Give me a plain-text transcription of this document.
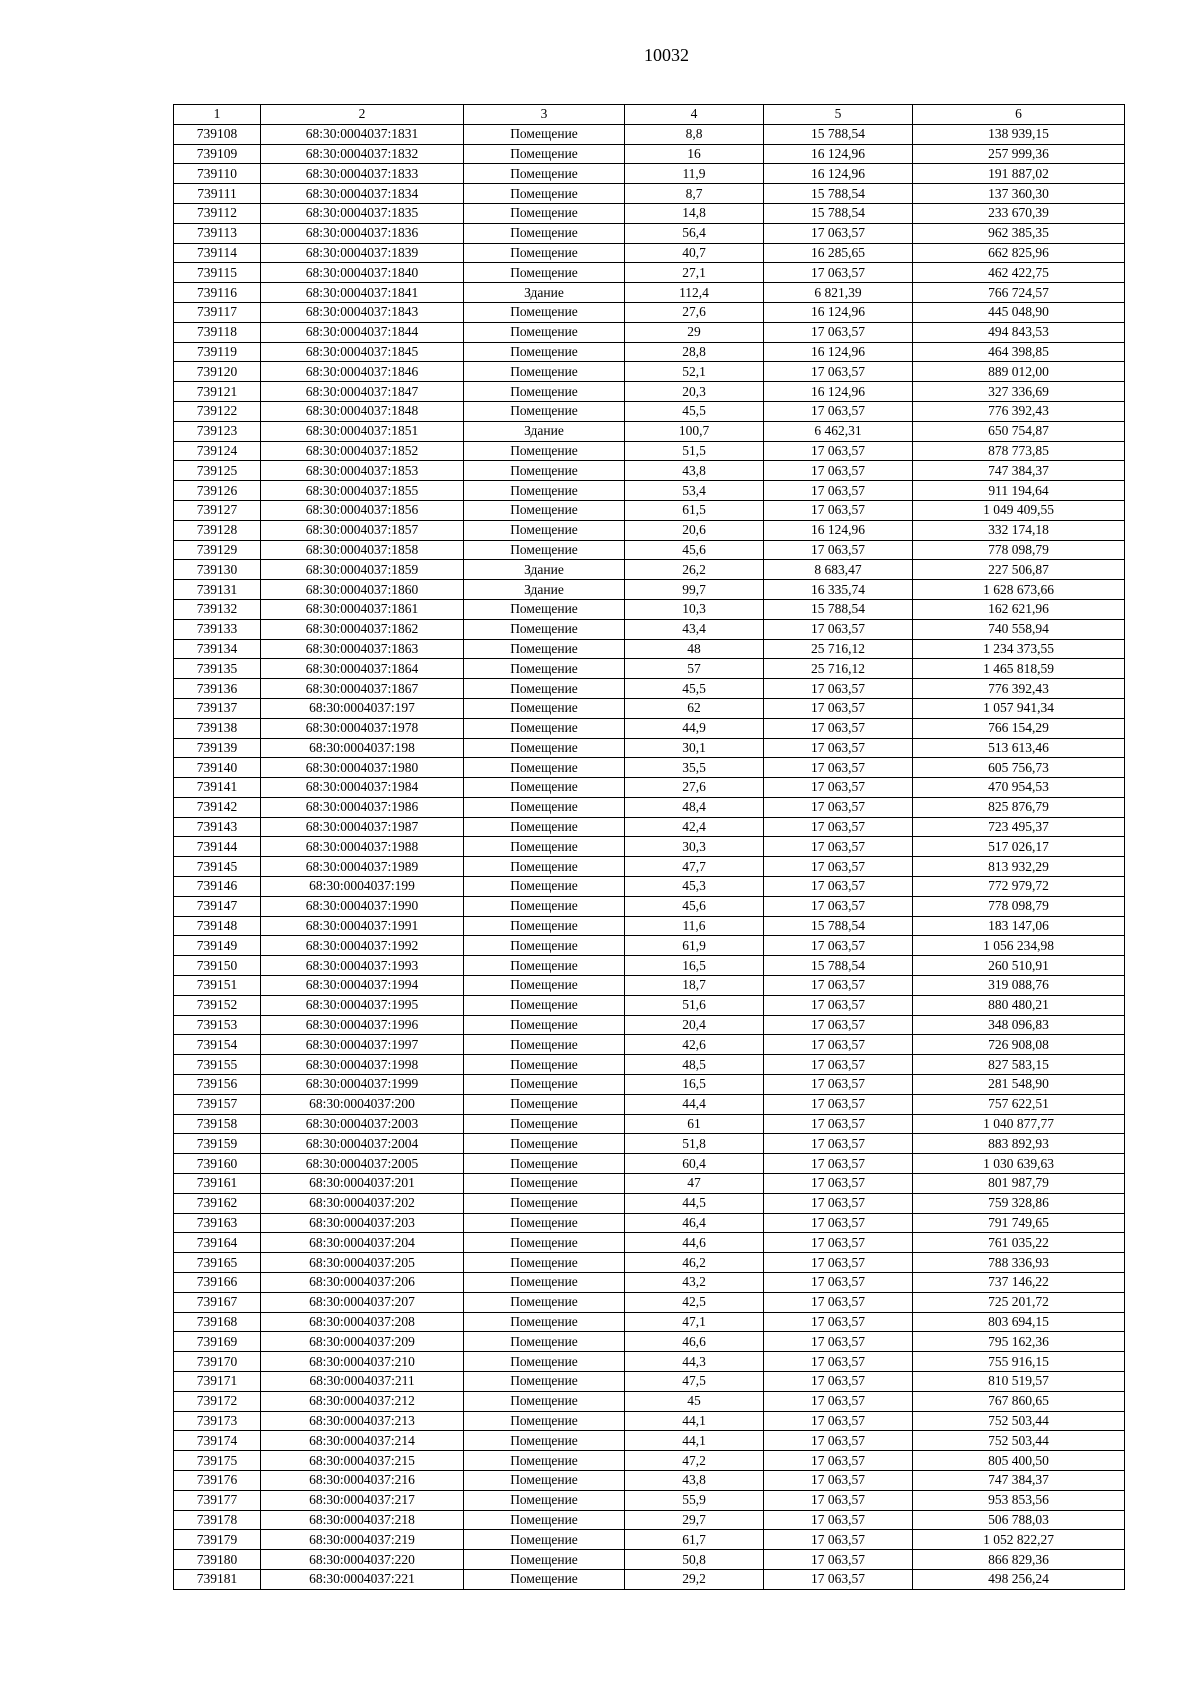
10032
1	2	3	4	5	6
739108	68:30:0004037:1831	Помещение	8,8	15 788,54	138 939,15
739109	68:30:0004037:1832	Помещение	16	16 124,96	257 999,36
739110	68:30:0004037:1833	Помещение	11,9	16 124,96	191 887,02
739111	68:30:0004037:1834	Помещение	8,7	15 788,54	137 360,30
739112	68:30:0004037:1835	Помещение	14,8	15 788,54	233 670,39
739113	68:30:0004037:1836	Помещение	56,4	17 063,57	962 385,35
739114	68:30:0004037:1839	Помещение	40,7	16 285,65	662 825,96
739115	68:30:0004037:1840	Помещение	27,1	17 063,57	462 422,75
739116	68:30:0004037:1841	Здание	112,4	6 821,39	766 724,57
739117	68:30:0004037:1843	Помещение	27,6	16 124,96	445 048,90
739118	68:30:0004037:1844	Помещение	29	17 063,57	494 843,53
739119	68:30:0004037:1845	Помещение	28,8	16 124,96	464 398,85
739120	68:30:0004037:1846	Помещение	52,1	17 063,57	889 012,00
739121	68:30:0004037:1847	Помещение	20,3	16 124,96	327 336,69
739122	68:30:0004037:1848	Помещение	45,5	17 063,57	776 392,43
739123	68:30:0004037:1851	Здание	100,7	6 462,31	650 754,87
739124	68:30:0004037:1852	Помещение	51,5	17 063,57	878 773,85
739125	68:30:0004037:1853	Помещение	43,8	17 063,57	747 384,37
739126	68:30:0004037:1855	Помещение	53,4	17 063,57	911 194,64
739127	68:30:0004037:1856	Помещение	61,5	17 063,57	1 049 409,55
739128	68:30:0004037:1857	Помещение	20,6	16 124,96	332 174,18
739129	68:30:0004037:1858	Помещение	45,6	17 063,57	778 098,79
739130	68:30:0004037:1859	Здание	26,2	8 683,47	227 506,87
739131	68:30:0004037:1860	Здание	99,7	16 335,74	1 628 673,66
739132	68:30:0004037:1861	Помещение	10,3	15 788,54	162 621,96
739133	68:30:0004037:1862	Помещение	43,4	17 063,57	740 558,94
739134	68:30:0004037:1863	Помещение	48	25 716,12	1 234 373,55
739135	68:30:0004037:1864	Помещение	57	25 716,12	1 465 818,59
739136	68:30:0004037:1867	Помещение	45,5	17 063,57	776 392,43
739137	68:30:0004037:197	Помещение	62	17 063,57	1 057 941,34
739138	68:30:0004037:1978	Помещение	44,9	17 063,57	766 154,29
739139	68:30:0004037:198	Помещение	30,1	17 063,57	513 613,46
739140	68:30:0004037:1980	Помещение	35,5	17 063,57	605 756,73
739141	68:30:0004037:1984	Помещение	27,6	17 063,57	470 954,53
739142	68:30:0004037:1986	Помещение	48,4	17 063,57	825 876,79
739143	68:30:0004037:1987	Помещение	42,4	17 063,57	723 495,37
739144	68:30:0004037:1988	Помещение	30,3	17 063,57	517 026,17
739145	68:30:0004037:1989	Помещение	47,7	17 063,57	813 932,29
739146	68:30:0004037:199	Помещение	45,3	17 063,57	772 979,72
739147	68:30:0004037:1990	Помещение	45,6	17 063,57	778 098,79
739148	68:30:0004037:1991	Помещение	11,6	15 788,54	183 147,06
739149	68:30:0004037:1992	Помещение	61,9	17 063,57	1 056 234,98
739150	68:30:0004037:1993	Помещение	16,5	15 788,54	260 510,91
739151	68:30:0004037:1994	Помещение	18,7	17 063,57	319 088,76
739152	68:30:0004037:1995	Помещение	51,6	17 063,57	880 480,21
739153	68:30:0004037:1996	Помещение	20,4	17 063,57	348 096,83
739154	68:30:0004037:1997	Помещение	42,6	17 063,57	726 908,08
739155	68:30:0004037:1998	Помещение	48,5	17 063,57	827 583,15
739156	68:30:0004037:1999	Помещение	16,5	17 063,57	281 548,90
739157	68:30:0004037:200	Помещение	44,4	17 063,57	757 622,51
739158	68:30:0004037:2003	Помещение	61	17 063,57	1 040 877,77
739159	68:30:0004037:2004	Помещение	51,8	17 063,57	883 892,93
739160	68:30:0004037:2005	Помещение	60,4	17 063,57	1 030 639,63
739161	68:30:0004037:201	Помещение	47	17 063,57	801 987,79
739162	68:30:0004037:202	Помещение	44,5	17 063,57	759 328,86
739163	68:30:0004037:203	Помещение	46,4	17 063,57	791 749,65
739164	68:30:0004037:204	Помещение	44,6	17 063,57	761 035,22
739165	68:30:0004037:205	Помещение	46,2	17 063,57	788 336,93
739166	68:30:0004037:206	Помещение	43,2	17 063,57	737 146,22
739167	68:30:0004037:207	Помещение	42,5	17 063,57	725 201,72
739168	68:30:0004037:208	Помещение	47,1	17 063,57	803 694,15
739169	68:30:0004037:209	Помещение	46,6	17 063,57	795 162,36
739170	68:30:0004037:210	Помещение	44,3	17 063,57	755 916,15
739171	68:30:0004037:211	Помещение	47,5	17 063,57	810 519,57
739172	68:30:0004037:212	Помещение	45	17 063,57	767 860,65
739173	68:30:0004037:213	Помещение	44,1	17 063,57	752 503,44
739174	68:30:0004037:214	Помещение	44,1	17 063,57	752 503,44
739175	68:30:0004037:215	Помещение	47,2	17 063,57	805 400,50
739176	68:30:0004037:216	Помещение	43,8	17 063,57	747 384,37
739177	68:30:0004037:217	Помещение	55,9	17 063,57	953 853,56
739178	68:30:0004037:218	Помещение	29,7	17 063,57	506 788,03
739179	68:30:0004037:219	Помещение	61,7	17 063,57	1 052 822,27
739180	68:30:0004037:220	Помещение	50,8	17 063,57	866 829,36
739181	68:30:0004037:221	Помещение	29,2	17 063,57	498 256,24
